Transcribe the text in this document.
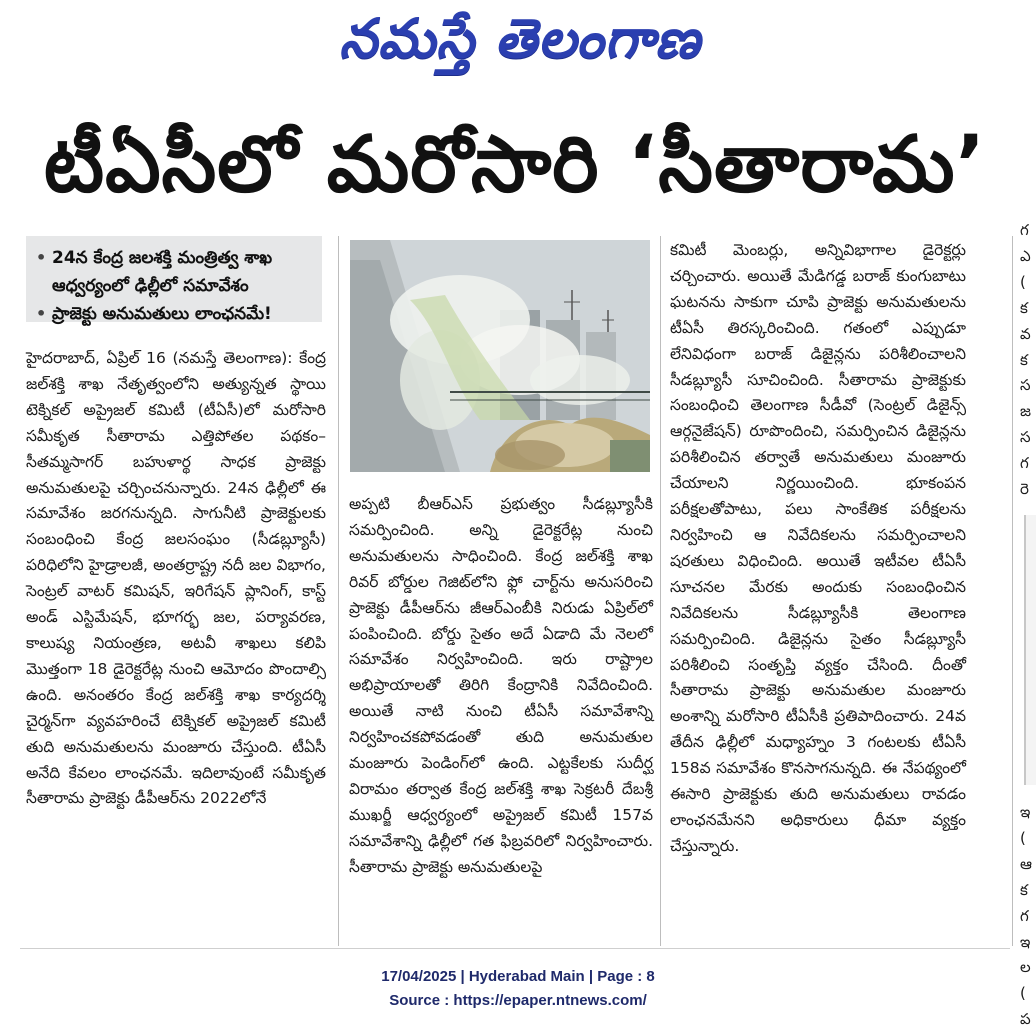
నమస్తే తెలంగాణ
టీఏసీలో మరోసారి ‘సీతారామ’
• 24న కేంద్ర జలశక్తి మంత్రిత్వ శాఖ ఆధ్వర్యంలో ఢిల్లీలో సమావేశం
• ప్రాజెక్టు అనుమతులు లాంఛనమే!

హైదరాబాద్, ఏప్రిల్ 16 (నమస్తే తెలంగాణ): కేంద్ర జల్‌శక్తి శాఖ నేతృత్వంలోని అత్యున్నత స్థాయి టెక్నికల్ అప్రైజల్ కమిటీ (టీఏసీ)లో మరోసారి సమీకృత సీతారామ ఎత్తిపోతల పథకం– సీతమ్మసాగర్ బహుళార్థ సాధక ప్రాజెక్టు అనుమతులపై చర్చించనున్నారు. 24న ఢిల్లీలో ఈ సమావేశం జరగనున్నది. సాగునీటి ప్రాజెక్టులకు సంబంధించి కేంద్ర జలసంఘం (సీడబ్ల్యూసీ) పరిధిలోని హైడ్రాలజీ, అంతర్రాష్ట్ర నదీ జల విభాగం, సెంట్రల్ వాటర్ కమిషన్, ఇరిగేషన్ ప్లానింగ్, కాస్ట్ అండ్ ఎస్టిమేషన్, భూగర్భ జల, పర్యావరణ, కాలుష్య నియంత్రణ, అటవీ శాఖలు కలిపి మొత్తంగా 18 డైరెక్టరేట్ల నుంచి ఆమోదం పొందాల్సి ఉంది. అనంతరం కేంద్ర జల్‌శక్తి శాఖ కార్యదర్శి చైర్మన్‌గా వ్యవహరించే టెక్నికల్ అప్రైజల్ కమిటీ తుది అనుమతులను మంజూరు చేస్తుంది. టీఏసీ అనేది కేవలం లాంఛనమే. ఇదిలావుంటే సమీకృత సీతారామ ప్రాజెక్టు డీపీఆర్‌ను 2022లోనే

అప్పటి బీఆర్ఎస్ ప్రభుత్వం సీడబ్ల్యూసీకి సమర్పించింది. అన్ని డైరెక్టరేట్ల నుంచి అనుమతులను సాధించింది. కేంద్ర జల్‌శక్తి శాఖ రివర్ బోర్డుల గెజిట్‌లోని ఫ్లో చార్ట్‌ను అనుసరించి ప్రాజెక్టు డీపీఆర్‌ను జీఆర్ఎంబీకి నిరుడు ఏప్రిల్‌లో పంపించింది. బోర్డు సైతం అదే ఏడాది మే నెలలో సమావేశం నిర్వహించింది. ఇరు రాష్ట్రాల అభిప్రాయాలతో తిరిగి కేంద్రానికి నివేదించింది. అయితే నాటి నుంచి టీఏసీ సమావేశాన్ని నిర్వహించకపోవడంతో తుది అనుమతుల మంజూరు పెండింగ్‌లో ఉంది. ఎట్టకేలకు సుదీర్ఘ విరామం తర్వాత కేంద్ర జల్‌శక్తి శాఖ సెక్రటరీ దేబశ్రీ ముఖర్జీ ఆధ్వర్యంలో అప్రైజల్ కమిటీ 157వ సమావేశాన్ని ఢిల్లీలో గత ఫిబ్రవరిలో నిర్వహించారు. సీతారామ ప్రాజెక్టు అనుమతులపై

కమిటీ మెంబర్లు, అన్నివిభాగాల డైరెక్టర్లు చర్చించారు. అయితే మేడిగడ్డ బరాజ్ కుంగుబాటు ఘటనను సాకుగా చూపి ప్రాజెక్టు అనుమతులను టీఏసీ తిరస్కరించింది. గతంలో ఎప్పుడూ లేనివిధంగా బరాజ్ డిజైన్లను పరిశీలించాలని సీడబ్ల్యూసీ సూచించింది. సీతారామ ప్రాజెక్టుకు సంబంధించి తెలంగాణ సీడీవో (సెంట్రల్ డిజైన్స్ ఆర్గనైజేషన్) రూపొందించి, సమర్పించిన డిజైన్లను పరిశీలించిన తర్వాతే అనుమతులు మంజూరు చేయాలని నిర్ణయించింది. భూకంపన పరీక్షలతోపాటు, పలు సాంకేతిక పరీక్షలను నిర్వహించి ఆ నివేదికలను సమర్పించాలని షరతులు విధించింది. అయితే ఇటీవల టీఏసీ సూచనల మేరకు అందుకు సంబంధించిన నివేదికలను సీడబ్ల్యూసీకి తెలంగాణ సమర్పించింది. డిజైన్లను సైతం సీడబ్ల్యూసీ పరిశీలించి సంతృప్తి వ్యక్తం చేసింది. దీంతో సీతారామ ప్రాజెక్టు అనుమతుల మంజూరు అంశాన్ని మరోసారి టీఏసీకి ప్రతిపాదించారు. 24వ తేదీన ఢిల్లీలో మధ్యాహ్నం 3 గంటలకు టీఏసీ 158వ సమావేశం కొనసాగనున్నది. ఈ నేపథ్యంలో ఈసారి ప్రాజెక్టుకు తుది అనుమతులు రావడం లాంఛనమేనని అధికారులు ధీమా వ్యక్తం చేస్తున్నారు.

గ
ఎ
(
క
వ
క
స
జ
స
గ
రె
ఇ
(
ఆ
క
గ
ఇ
ల
(
ప
17/04/2025 | Hyderabad Main | Page : 8
Source : https://epaper.ntnews.com/
